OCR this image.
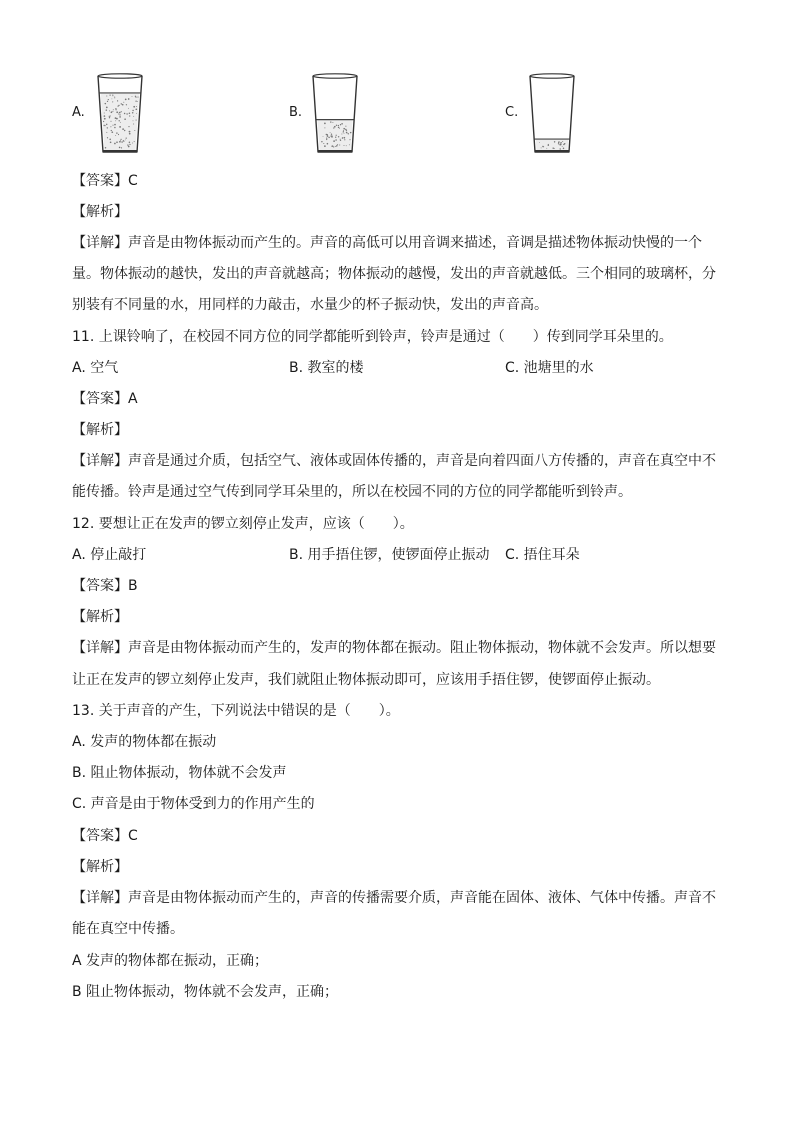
A.	B.	C.
【答案】C
【解析】
【详解】声音是由物体振动而产生的。声音的高低可以用音调来描述，音调是描述物体振动快慢的一个
量。物体振动的越快，发出的声音就越高；物体振动的越慢，发出的声音就越低。三个相同的玻璃杯，分
别装有不同量的水，用同样的力敲击，水量少的杯子振动快，发出的声音高。
11. 上课铃响了，在校园不同方位的同学都能听到铃声，铃声是通过（　　）传到同学耳朵里的。
A. 空气	B. 教室的楼	C. 池塘里的水
【答案】A
【解析】
【详解】声音是通过介质，包括空气、液体或固体传播的，声音是向着四面八方传播的，声音在真空中不
能传播。铃声是通过空气传到同学耳朵里的，所以在校园不同的方位的同学都能听到铃声。
12. 要想让正在发声的锣立刻停止发声，应该（　　）。
A. 停止敲打	B. 用手捂住锣，使锣面停止振动 C. 捂住耳朵
【答案】B
【解析】
【详解】声音是由物体振动而产生的，发声的物体都在振动。阻止物体振动，物体就不会发声。所以想要
让正在发声的锣立刻停止发声，我们就阻止物体振动即可，应该用手捂住锣，使锣面停止振动。
13. 关于声音的产生，下列说法中错误的是（　　）。
A. 发声的物体都在振动
B. 阻止物体振动，物体就不会发声
C. 声音是由于物体受到力的作用产生的
【答案】C
【解析】
【详解】声音是由物体振动而产生的，声音的传播需要介质，声音能在固体、液体、气体中传播。声音不
能在真空中传播。
A 发声的物体都在振动，正确；
B 阻止物体振动，物体就不会发声，正确；
